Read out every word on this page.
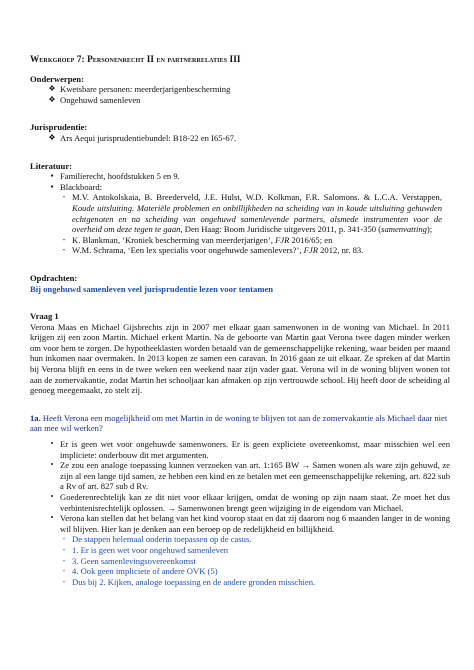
Werkgroep 7: Personenrecht II en partnerrelaties III
Onderwerpen:
❖ Kwetsbare personen: meerderjarigenbescherming
❖ Ongehuwd samenleven
Jurisprudentie:
❖ Ars Aequi jurisprudentiebundel: B18-22 en I65-67.
Literatuur:
▪ Familierecht, hoofdstukken 5 en 9.
▪ Blackboard:
- M.V. Antokolskaia, B. Breederveld, J.E. Hulst, W.D. Kolkman, F.R. Salomons. & L.C.A. Verstappen, Koude uitsluiting. Materiële problemen en onbillijkheden na scheiding van in koude uitsluiting gehuwden echtgenoten en na scheiding van ongehuwd samenlevende partners, alsmede instrumenten voor de overheid om deze tegen te gaan, Den Haag: Boom Juridische uitgevers 2011, p. 341-350 (samenvatting);
- K. Blankman, ‘Kroniek bescherming van meerderjarigen’, FJR 2016/65; en
- W.M. Schrama, ‘Een lex specialis voor ongehuwde samenlevers?’, FJR 2012, nr. 83.
Opdrachten:
Bij ongehuwd samenleven veel jurisprudentie lezen voor tentamen
Vraag 1

Verona Maas en Michael Gijsbrechts zijn in 2007 met elkaar gaan samenwonen in de woning van Michael. In 2011 krijgen zij een zoon Martin. Michael erkent Martin. Na de geboorte van Martin gaat Verona twee dagen minder werken om voor hem te zorgen. De hypotheeklasten worden betaald van de gemeenschappelijke rekening, waar beiden per maand hun inkomen naar overmaken. In 2013 kopen ze samen een caravan. In 2016 gaan ze uit elkaar. Ze spreken af dat Martin bij Verona blijft en eens in de twee weken een weekend naar zijn vader gaat. Verona wil in de woning blijven wonen tot aan de zomervakantie, zodat Martin het schooljaar kan afmaken op zijn vertrouwde school. Hij heeft door de scheiding al genoeg meegemaakt, zo stelt zij.

1a. Heeft Verona een mogelijkheid om met Martin in de woning te blijven tot aan de zomervakantie als Michael daar niet aan mee wil werken?

• Er is geen wet voor ongehuwde samenwoners. Er is geen expliciete overeenkomst, maar misschien wel een impliciete: onderbouw dit met argumenten.
• Ze zou een analoge toepassing kunnen verzoeken van art. 1:165 BW → Samen wonen als ware zijn gehuwd, ze zijn al een lange tijd samen, ze hebben een kind en ze betalen met een gemeenschappelijke rekening, art. 822 sub a Rv of art. 827 sub d Rv.
• Goederenrechtelijk kan ze dit niet voor elkaar krijgen, omdat de woning op zijn naam staat. Ze moet het dus verbintenisrechtelijk oplossen. → Samenwonen brengt geen wijziging in de eigendom van Michael.
• Verona kan stellen dat het belang van het kind voorop staat en dat zij daarom nog 6 maanden langer in de woning wil blijven. Hier kan je denken aan een beroep op de redelijkheid en billijkheid.
- De stappen helemaal onderin toepassen op de casus.
- 1. Er is geen wet voor ongehuwd samenleven
- 3. Geen samenlevingsovereenkomst
- 4. Ook geen impliciete of andere OVK (5)
- Dus bij 2. Kijken, analoge toepassing en de andere gronden misschien.
